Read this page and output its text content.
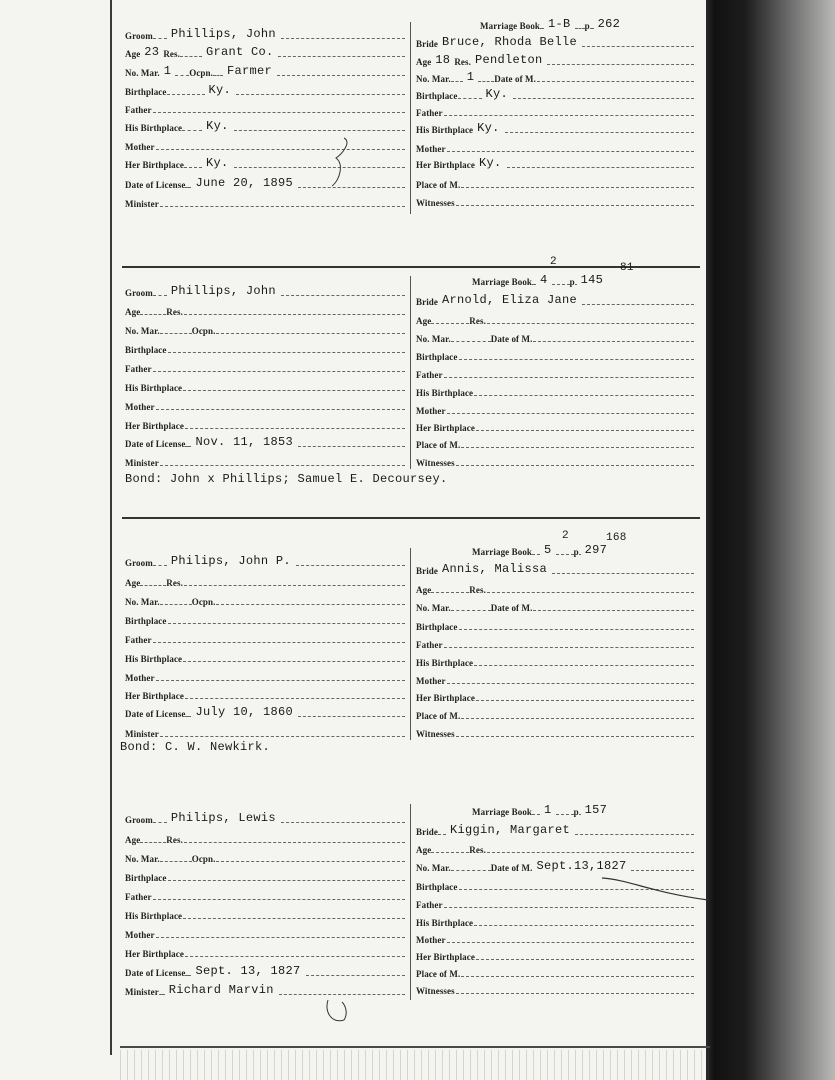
Groom	Phillips, John
Age 23 Res.	Grant Co.
No. Mar. 1	Ocpn.	Farmer
Birthplace	Ky.
Father
His Birthplace	Ky.
Mother
Her Birthplace	Ky.
Date of License June 20, 1895
Minister
Marriage Book 1-B	p 262
Bride Bruce, Rhoda Belle
Age 18 Res. Pendleton
No. Mar.	1	Date of M.
Birthplace	Ky.
Father
His Birthplace Ky.
Mother
Her Birthplace Ky.
Place of M.
Witnesses
Groom	Phillips, John
Age	Res.
No. Mar.	Ocpn.
Birthplace
Father
His Birthplace
Mother
Her Birthplace
Date of License Nov. 11, 1853
Minister
Bond: John x Phillips; Samuel E. Decoursey.
2	81
Marriage Book 4	p 145
Bride Arnold, Eliza Jane
Age	Res.
No. Mar.	Date of M.
Birthplace
Father
His Birthplace
Mother
Her Birthplace
Place of M.
Witnesses
Groom	Philips, John P.
Age	Res.
No. Mar.	Ocpn.
Birthplace
Father
His Birthplace
Mother
Her Birthplace
Date of License July 10, 1860
Minister
Bond: C. W. Newkirk.
2	168
Marriage Book	5	p 297
Bride Annis, Malissa
Age	Res.
No. Mar.	Date of M.
Birthplace
Father
His Birthplace
Mother
Her Birthplace
Place of M.
Witnesses
Groom	Philips, Lewis
Age	Res.
No. Mar.	Ocpn.
Birthplace
Father
His Birthplace
Mother
Her Birthplace
Date of License Sept. 13, 1827
Minister Richard Marvin
Marriage Book	1	p 157
Bride	Kiggin, Margaret
Age	Res.
No. Mar.	Date of M. Sept.13,1827
Birthplace
Father
His Birthplace
Mother
Her Birthplace
Place of M.
Witnesses
